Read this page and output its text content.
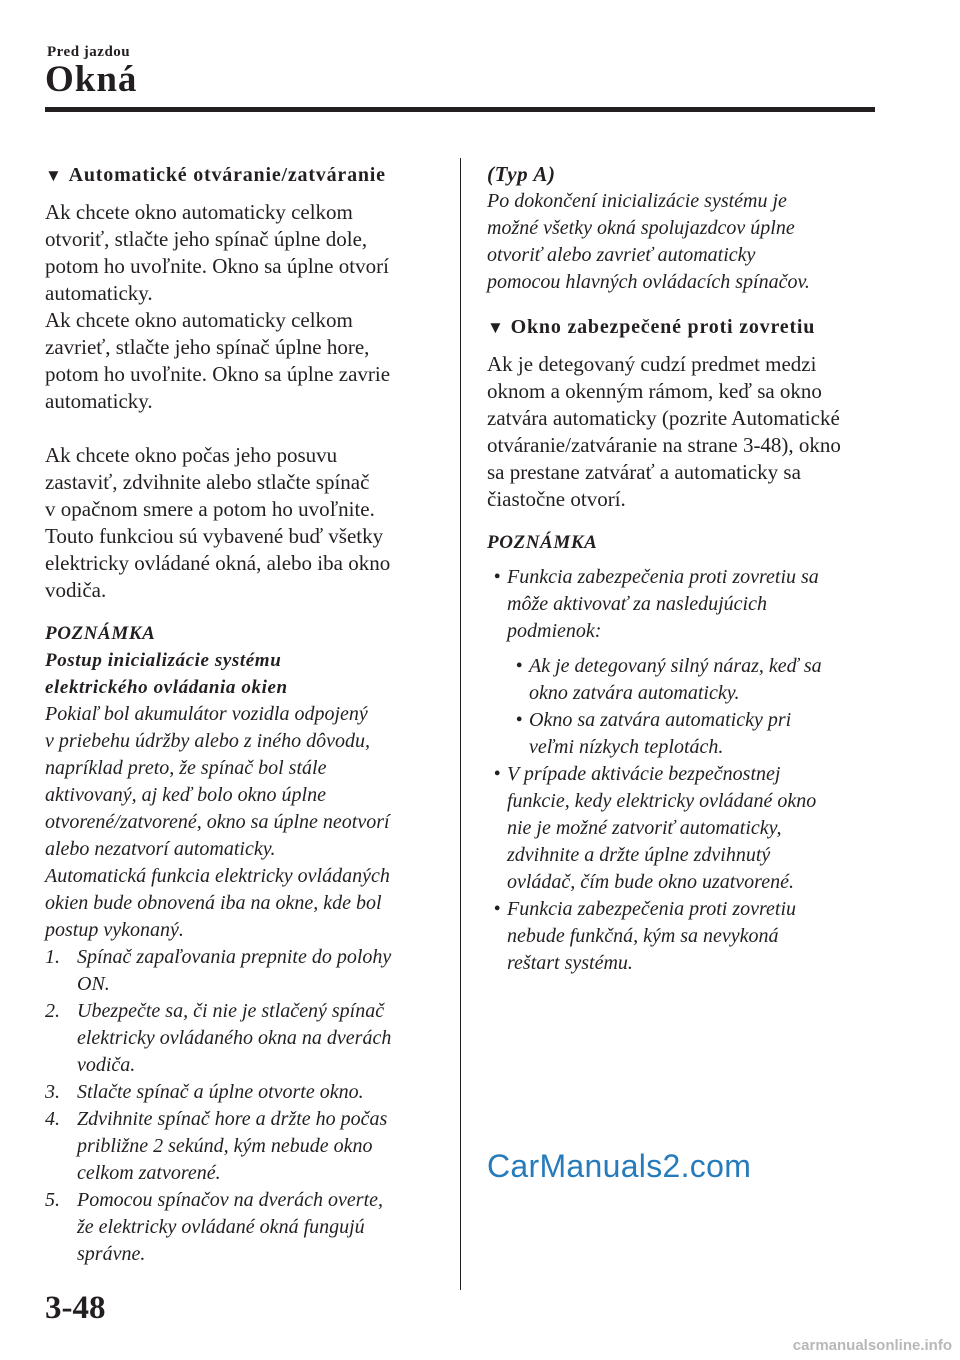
Pred jazdou
Okná

▼ Automatické otváranie/zatváranie

Ak chcete okno automaticky celkom
otvoriť, stlačte jeho spínač úplne dole,
potom ho uvoľnite. Okno sa úplne otvorí
automaticky.
Ak chcete okno automaticky celkom
zavrieť, stlačte jeho spínač úplne hore,
potom ho uvoľnite. Okno sa úplne zavrie
automaticky.

Ak chcete okno počas jeho posuvu
zastaviť, zdvihnite alebo stlačte spínač
v opačnom smere a potom ho uvoľnite.
Touto funkciou sú vybavené buď všetky
elektricky ovládané okná, alebo iba okno
vodiča.

POZNÁMKA

Postup inicializácie systému
elektrického ovládania okien

Pokiaľ bol akumulátor vozidla odpojený
v priebehu údržby alebo z iného dôvodu,
napríklad preto, že spínač bol stále
aktivovaný, aj keď bolo okno úplne
otvorené/zatvorené, okno sa úplne neotvorí
alebo nezatvorí automaticky.
Automatická funkcia elektricky ovládaných
okien bude obnovená iba na okne, kde bol
postup vykonaný.

1. Spínač zapaľovania prepnite do polohy
ON.
2. Ubezpečte sa, či nie je stlačený spínač
elektricky ovládaného okna na dverách
vodiča.
3. Stlačte spínač a úplne otvorte okno.
4. Zdvihnite spínač hore a držte ho počas
približne 2 sekúnd, kým nebude okno
celkom zatvorené.
5. Pomocou spínačov na dverách overte,
že elektricky ovládané okná fungujú
správne.

(Typ A)

Po dokončení inicializácie systému je
možné všetky okná spolujazdcov úplne
otvoriť alebo zavrieť automaticky
pomocou hlavných ovládacích spínačov.

▼ Okno zabezpečené proti zovretiu

Ak je detegovaný cudzí predmet medzi
oknom a okenným rámom, keď sa okno
zatvára automaticky (pozrite Automatické
otváranie/zatváranie na strane 3-48), okno
sa prestane zatvárať a automaticky sa
čiastočne otvorí.

POZNÁMKA

• Funkcia zabezpečenia proti zovretiu sa
môže aktivovať za nasledujúcich
podmienok:
• Ak je detegovaný silný náraz, keď sa
okno zatvára automaticky.
• Okno sa zatvára automaticky pri
veľmi nízkych teplotách.
• V prípade aktivácie bezpečnostnej
funkcie, kedy elektricky ovládané okno
nie je možné zatvoriť automaticky,
zdvihnite a držte úplne zdvihnutý
ovládač, čím bude okno uzatvorené.
• Funkcia zabezpečenia proti zovretiu
nebude funkčná, kým sa nevykoná
reštart systému.
CarManuals2.com
3-48
carmanualsonline.info
